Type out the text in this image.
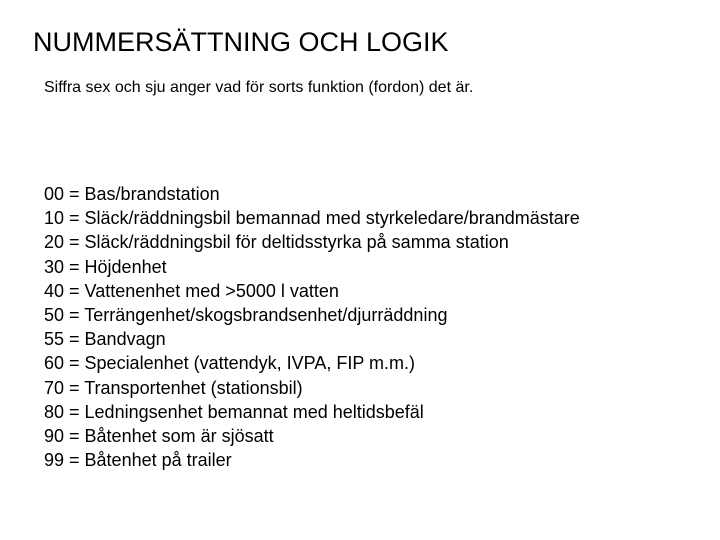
NUMMERSÄTTNING OCH LOGIK

Siffra sex och sju anger vad för sorts funktion (fordon) det är.

00 = Bas/brandstation
10 = Släck/räddningsbil bemannad med styrkeledare/brandmästare
20 = Släck/räddningsbil för deltidsstyrka på samma station
30 = Höjdenhet
40 = Vattenenhet med >5000 l vatten
50 = Terrängenhet/skogsbrandsenhet/djurräddning
55 = Bandvagn
60 = Specialenhet (vattendyk, IVPA, FIP m.m.)
70 = Transportenhet (stationsbil)
80 = Ledningsenhet bemannat med heltidsbefäl
90 = Båtenhet som är sjösatt
99 = Båtenhet på trailer
